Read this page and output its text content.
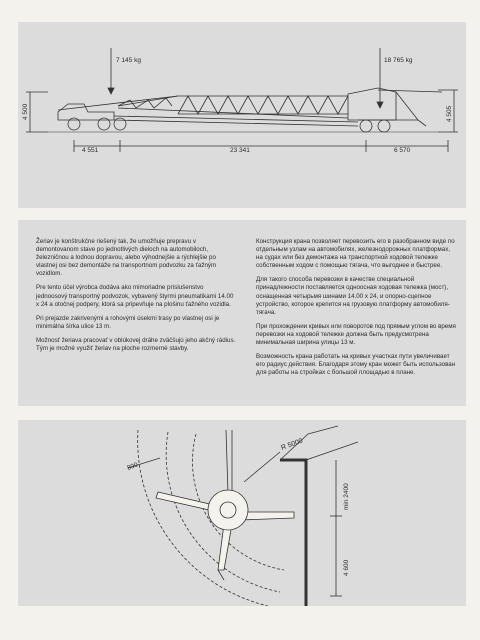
7 145 kg	18 765 kg
4 500	4 505
4 551	23 341	6 570

Žeriav je konštrukčne riešený tak, že umožňuje prepravu v demontovanom stave po jednotlivých dieloch na automobiloch, železničnou a lodnou dopravou, alebo výhodnejšie a rýchlejšie po vlastnej osi bez demontáže na transportnom podvozku za ťažným vozidlom.

Pre tento účel výrobca dodáva ako mimoriadne príslušenstvo jednoosový transportný podvozok, vybavený štyrmi pneumatikami 14.00 x 24 a otočnej podpery, ktorá sa pripevňuje na plošinu ťažného vozidla.

Pri prejazde zakrivenými a rohovými úsekmi trasy po vlastnej osi je minimálna šírka ulice 13 m.

Možnosť žeriava pracovať v oblúkovej dráhe zväčšujú jeho akčný rádius. Tým je možné využiť žeriav na ploche rozmerné stavby.

Конструкция крана позволяет перевозить его в разобранном виде по отдельным узлам на автомобилях, железнодорожных платформах, на судах или без демонтажа на транспортной ходовой тележке собственным ходом с помощью тягача, что выгоднее и быстрее.

Для такого способа перевозки в качестве специальной принадлежности поставляется одноосная ходовая тележка (мост), оснащенная четырьмя шинами 14.00 x 24, и опорно-сцепное устройство, которое крепится на грузовую платформу автомобиля-тягача.

При прохождении кривых или поворотов под прямым углом во время перевозки на ходовой тележке должна быть предусмотрена минимальная ширина улицы 13 м.

Возможность крана работать на кривых участках пути увеличивает его радиус действия. Благодаря этому кран может быть использован для работы на стройках с большой площадью в плане.

R 5000
800
min 2400
4 600
